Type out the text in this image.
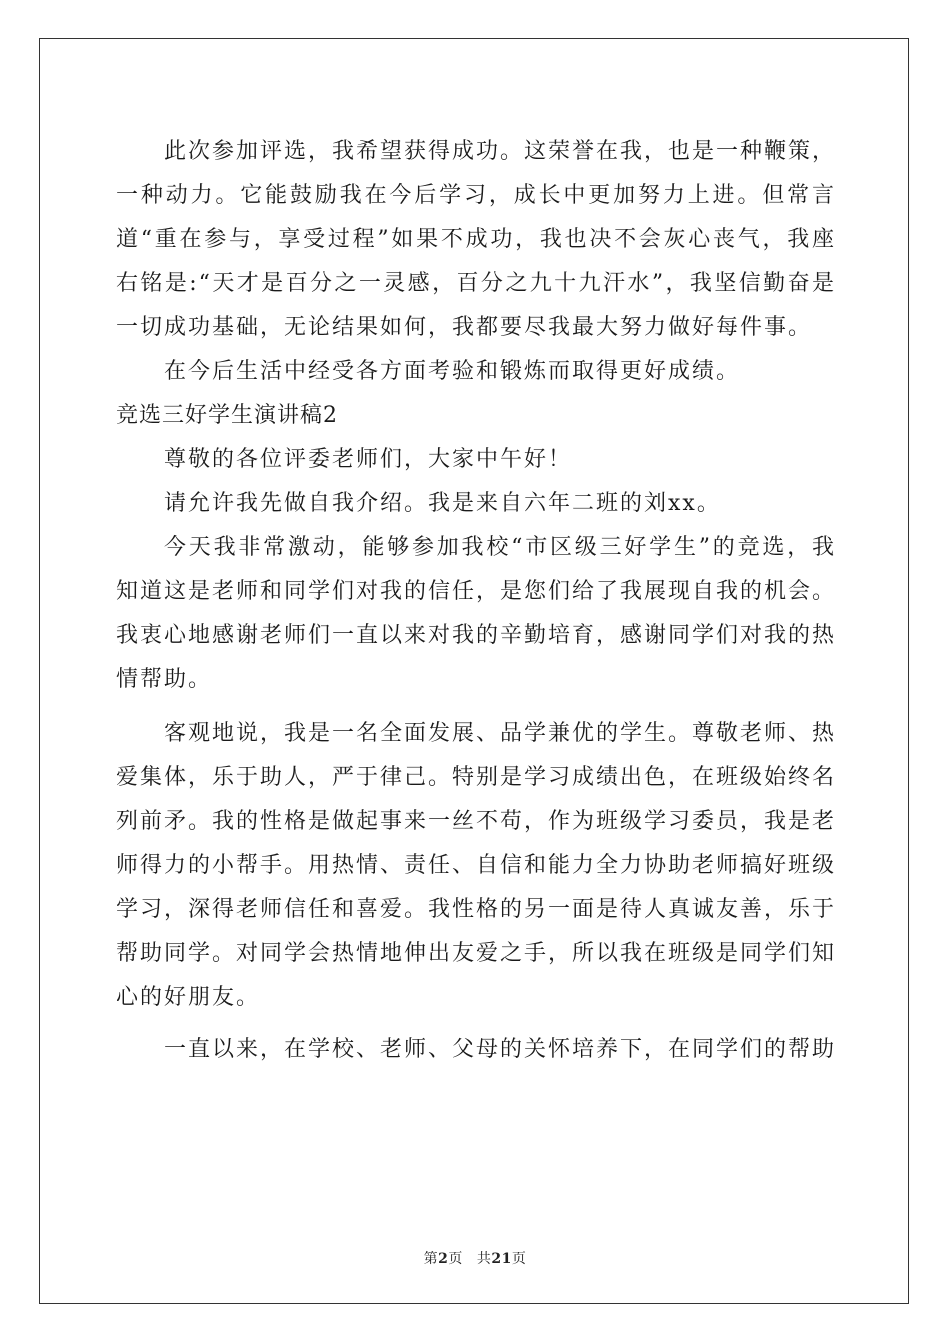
此次参加评选，我希望获得成功。这荣誉在我，也是一种鞭策，一种动力。它能鼓励我在今后学习，成长中更加努力上进。但常言道“重在参与，享受过程”如果不成功，我也决不会灰心丧气，我座右铭是:“天才是百分之一灵感，百分之九十九汗水”，我坚信勤奋是一切成功基础，无论结果如何，我都要尽我最大努力做好每件事。

在今后生活中经受各方面考验和锻炼而取得更好成绩。

竞选三好学生演讲稿2

尊敬的各位评委老师们，大家中午好！

请允许我先做自我介绍。我是来自六年二班的刘xx。

今天我非常激动，能够参加我校“市区级三好学生”的竞选，我知道这是老师和同学们对我的信任，是您们给了我展现自我的机会。我衷心地感谢老师们一直以来对我的辛勤培育，感谢同学们对我的热情帮助。

客观地说，我是一名全面发展、品学兼优的学生。尊敬老师、热爱集体，乐于助人，严于律己。特别是学习成绩出色，在班级始终名列前矛。我的性格是做起事来一丝不苟，作为班级学习委员，我是老师得力的小帮手。用热情、责任、自信和能力全力协助老师搞好班级学习，深得老师信任和喜爱。我性格的另一面是待人真诚友善，乐于帮助同学。对同学会热情地伸出友爱之手，所以我在班级是同学们知心的好朋友。

一直以来，在学校、老师、父母的关怀培养下，在同学们的帮助

第2页 共21页
